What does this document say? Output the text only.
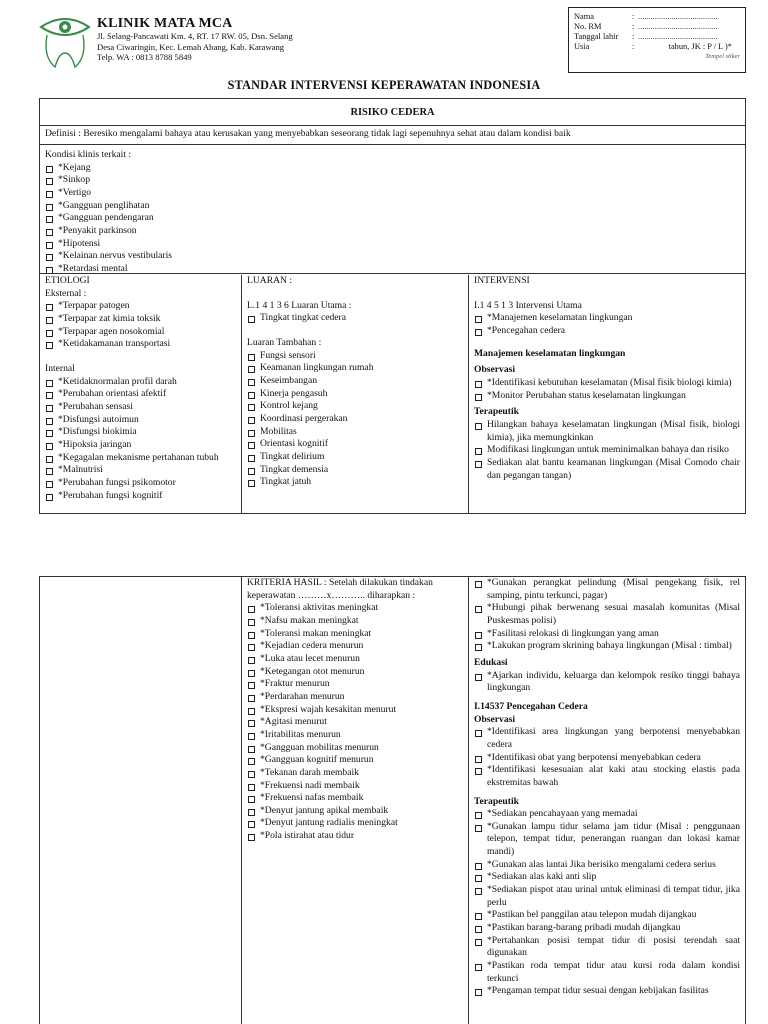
KLINIK MATA MCA
Jl. Selang-Pancawati Km. 4, RT. 17 RW. 05, Dsn. Selang
Desa Ciwaringin, Kec. Lemah Abang, Kab. Karawang
Telp. WA : 0813 8788 5849
Nama	: ......................................
No. RM	: ......................................
Tanggal lahir	: ......................................
Usia	:	tahun, JK : P / L )*
Tempel stiker
STANDAR INTERVENSI KEPERAWATAN INDONESIA
RISIKO CEDERA
Definisi : Beresiko mengalami bahaya atau kerusakan yang menyebabkan seseorang tidak lagi sepenuhnya sehat atau dalam kondisi baik
Kondisi klinis terkait :
*Kejang
*Sinkop
*Vertigo
*Gangguan penglihatan
*Gangguan pendengaran
*Penyakit parkinson
*Hipotensi
*Kelainan nervus vestibularis
*Retardasi mental
ETIOLOGI
Eksternal :
*Terpapar patogen
*Terpapar zat kimia toksik
*Terpapar agen nosokomial
*Ketidakamanan transportasi
Internal
*Ketidaknormalan profil darah
*Perubahan orientasi afektif
*Perubahan sensasi
*Disfungsi autoimun
*Disfungsi biokimia
*Hipoksia jaringan
*Kegagalan mekanisme pertahanan tubuh
*Malnutrisi
*Perubahan fungsi psikomotor
*Perubahan fungsi kognitif
LUARAN :
L.1 4 1 3 6 Luaran Utama :
Tingkat tingkat cedera
Luaran Tambahan :
Fungsi sensori
Keamanan lingkungan rumah
Keseimbangan
Kinerja pengasuh
Kontrol kejang
Koordinasi pergerakan
Mobilitas
Orientasi kognitif
Tingkat delirium
Tingkat demensia
Tingkat jatuh
INTERVENSI
I.1 4 5 1 3 Intervensi Utama
*Manajemen keselamatan lingkungan
*Pencegahan cedera
Manajemen keselamatan lingkungan
Observasi
*Identifikasi kebutuhan keselamatan (Misal fisik biologi kimia)
*Monitor Perubahan status keselamatan lingkungan
Terapeutik
Hilangkan bahaya keselamatan lingkungan (Misal fisik, biologi kimia), jika memungkinkan
Modifikasi lingkungan untuk meminimalkan bahaya dan risiko
Sediakan alat bantu keamanan lingkungan (Misal Comodo chair dan pegangan tangan)
KRITERIA HASIL : Setelah dilakukan tindakan keperawatan ………x……….. diharapkan :
*Toleransi aktivitas meningkat
*Nafsu makan meningkat
*Toleransi makan meningkat
*Kejadian cedera menurun
*Luka atau lecet menurun
*Ketegangan otot menurun
*Fraktur menurun
*Perdarahan menurun
*Ekspresi wajah kesakitan menurut
*Agitasi menurut
*Iritabilitas menurun
*Gangguan mobilitas menurun
*Gangguan kognitif menurun
*Tekanan darah membaik
*Frekuensi nadi membaik
*Frekuensi nafas membaik
*Denyut jantung apikal membaik
*Denyut jantung radialis meningkat
*Pola istirahat atau tidur
*Gunakan perangkat pelindung (Misal pengekang fisik, rel samping, pintu terkunci, pagar)
*Hubungi pihak berwenang sesuai masalah komunitas (Misal Puskesmas polisi)
*Fasilitasi relokasi di lingkungan yang aman
*Lakukan program skrining bahaya lingkungan (Misal : timbal)
Edukasi
*Ajarkan individu, keluarga dan kelompok resiko tinggi bahaya lingkungan
I.14537 Pencegahan Cedera
Observasi
*Identifikasi area lingkungan yang berpotensi menyebabkan cedera
*Identifikasi obat yang berpotensi menyebabkan cedera
*Identifikasi kesesuaian alat kaki atau stocking elastis pada ekstremitas bawah
Terapeutik
*Sediakan pencahayaan yang memadai
*Gunakan lampu tidur selama jam tidur (Misal : penggunaan telepon, tempat tidur, penerangan ruangan dan lokasi kamar mandi)
*Gunakan alas lantai Jika berisiko mengalami cedera serius
*Sediakan alas kaki anti slip
*Sediakan pispot atau urinal untuk eliminasi di tempat tidur, jika perlu
*Pastikan bel panggilan atau telepon mudah dijangkau
*Pastikan barang-barang pribadi mudah dijangkau
*Pertahankan posisi tempat tidur di posisi terendah saat digunakan
*Pastikan roda tempat tidur atau kursi roda dalam kondisi terkunci
*Pengaman tempat tidur sesuai dengan kebijakan fasilitas
